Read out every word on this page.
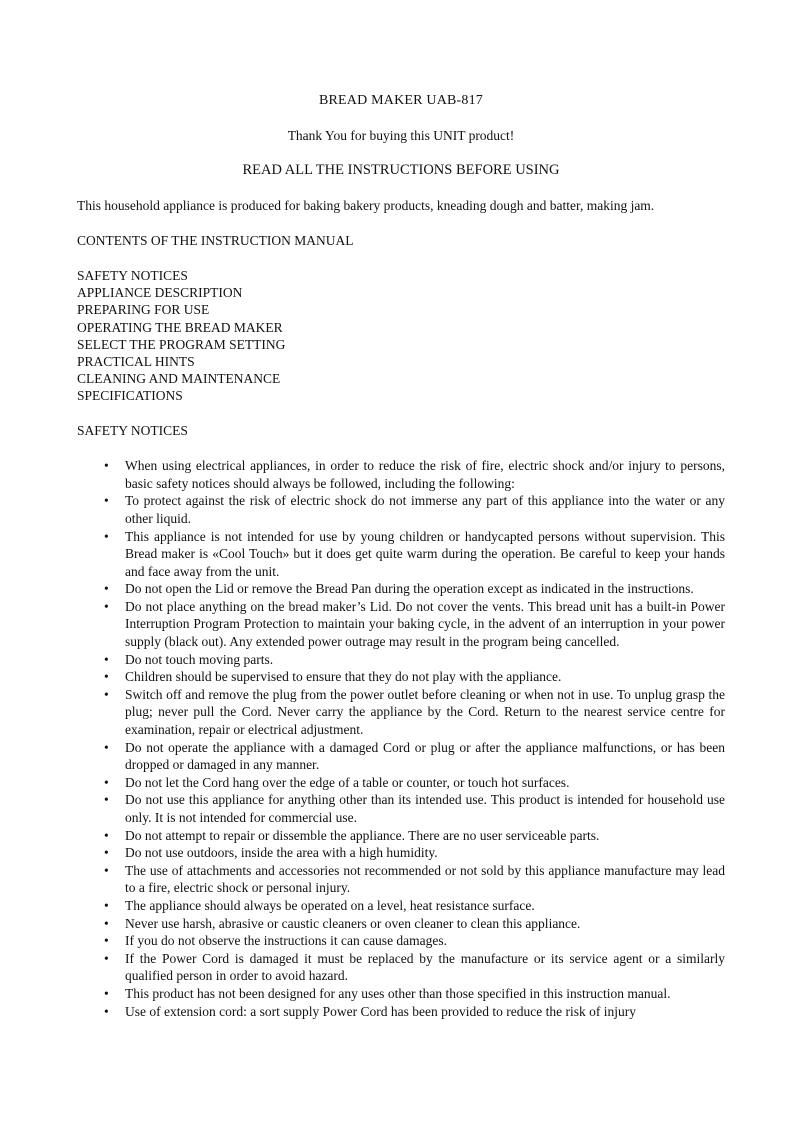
BREAD MAKER UAB-817

Thank You for buying this UNIT product!

READ ALL THE INSTRUCTIONS BEFORE USING

This household appliance is produced for baking bakery products, kneading dough and batter, making jam.

CONTENTS OF THE INSTRUCTION MANUAL

SAFETY NOTICES
APPLIANCE DESCRIPTION
PREPARING FOR USE
OPERATING THE BREAD MAKER
SELECT THE PROGRAM SETTING
PRACTICAL HINTS
CLEANING AND MAINTENANCE
SPECIFICATIONS

SAFETY NOTICES

• When using electrical appliances, in order to reduce the risk of fire, electric shock and/or injury to persons, basic safety notices should always be followed, including the following:
• To protect against the risk of electric shock do not immerse any part of this appliance into the water or any other liquid.
• This appliance is not intended for use by young children or handycapted persons without supervision. This Bread maker is «Cool Touch» but it does get quite warm during the operation. Be careful to keep your hands and face away from the unit.
• Do not open the Lid or remove the Bread Pan during the operation except as indicated in the instructions.
• Do not place anything on the bread maker’s Lid. Do not cover the vents. This bread unit has a built-in Power Interruption Program Protection to maintain your baking cycle, in the advent of an interruption in your power supply (black out). Any extended power outrage may result in the program being cancelled.
• Do not touch moving parts.
• Children should be supervised to ensure that they do not play with the appliance.
• Switch off and remove the plug from the power outlet before cleaning or when not in use. To unplug grasp the plug; never pull the Cord. Never carry the appliance by the Cord. Return to the nearest service centre for examination, repair or electrical adjustment.
• Do not operate the appliance with a damaged Cord or plug or after the appliance malfunctions, or has been dropped or damaged in any manner.
• Do not let the Cord hang over the edge of a table or counter, or touch hot surfaces.
• Do not use this appliance for anything other than its intended use. This product is intended for household use only. It is not intended for commercial use.
• Do not attempt to repair or dissemble the appliance. There are no user serviceable parts.
• Do not use outdoors, inside the area with a high humidity.
• The use of attachments and accessories not recommended or not sold by this appliance manufacture may lead to a fire, electric shock or personal injury.
• The appliance should always be operated on a level, heat resistance surface.
• Never use harsh, abrasive or caustic cleaners or oven cleaner to clean this appliance.
• If you do not observe the instructions it can cause damages.
• If the Power Cord is damaged it must be replaced by the manufacture or its service agent or a similarly qualified person in order to avoid hazard.
• This product has not been designed for any uses other than those specified in this instruction manual.
• Use of extension cord: a sort supply Power Cord has been provided to reduce the risk of injury
